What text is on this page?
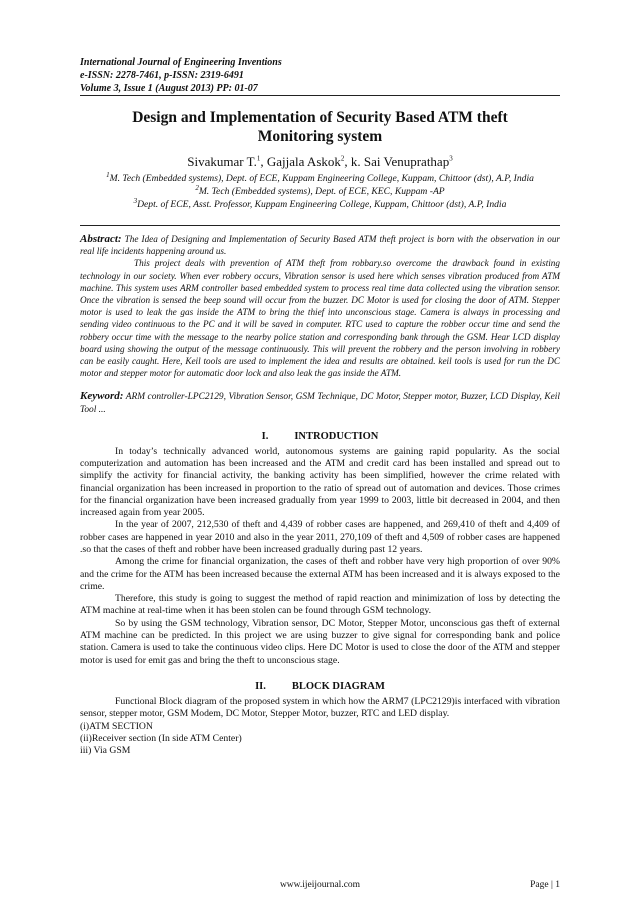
International Journal of Engineering Inventions
e-ISSN: 2278-7461, p-ISSN: 2319-6491
Volume 3, Issue 1 (August 2013) PP: 01-07
Design and Implementation of Security Based ATM theft
Monitoring system
Sivakumar T.$^1$, Gajjala Askok$^2$, k. Sai Venuprathap$^3$
$^1$M. Tech (Embedded systems), Dept. of ECE, Kuppam Engineering College, Kuppam, Chittoor (dst), A.P, India
$^2$M. Tech (Embedded systems), Dept. of ECE, KEC, Kuppam -AP
$^3$Dept. of ECE, Asst. Professor, Kuppam Engineering College, Kuppam, Chittoor (dst), A.P, India

Abstract: The Idea of Designing and Implementation of Security Based ATM theft project is born with the observation in our real life incidents happening around us.

This project deals with prevention of ATM theft from robbary.so overcome the drawback found in existing technology in our society. When ever robbery occurs, Vibration sensor is used here which senses vibration produced from ATM machine. This system uses ARM controller based embedded system to process real time data collected using the vibration sensor. Once the vibration is sensed the beep sound will occur from the buzzer. DC Motor is used for closing the door of ATM. Stepper motor is used to leak the gas inside the ATM to bring the thief into unconscious stage. Camera is always in processing and sending video continuous to the PC and it will be saved in computer. RTC used to capture the robber occur time and send the robbery occur time with the message to the nearby police station and corresponding bank through the GSM. Hear LCD display board using showing the output of the message continuously. This will prevent the robbery and the person involving in robbery can be easily caught. Here, Keil tools are used to implement the idea and results are obtained. keil tools is used for run the DC motor and stepper motor for automatic door lock and also leak the gas inside the ATM.

Keyword: ARM controller-LPC2129, Vibration Sensor, GSM Technique, DC Motor, Stepper motor, Buzzer, LCD Display, Keil Tool ...
I. INTRODUCTION

In today’s technically advanced world, autonomous systems are gaining rapid popularity. As the social computerization and automation has been increased and the ATM and credit card has been installed and spread out to simplify the activity for financial activity, the banking activity has been simplified, however the crime related with financial organization has been increased in proportion to the ratio of spread out of automation and devices. Those crimes for the financial organization have been increased gradually from year 1999 to 2003, little bit decreased in 2004, and then increased again from year 2005.

In the year of 2007, 212,530 of theft and 4,439 of robber cases are happened, and 269,410 of theft and 4,409 of robber cases are happened in year 2010 and also in the year 2011, 270,109 of theft and 4,509 of robber cases are happened .so that the cases of theft and robber have been increased gradually during past 12 years.

Among the crime for financial organization, the cases of theft and robber have very high proportion of over 90% and the crime for the ATM has been increased because the external ATM has been increased and it is always exposed to the crime.

Therefore, this study is going to suggest the method of rapid reaction and minimization of loss by detecting the ATM machine at real-time when it has been stolen can be found through GSM technology.

So by using the GSM technology, Vibration sensor, DC Motor, Stepper Motor, unconscious gas theft of external ATM machine can be predicted. In this project we are using buzzer to give signal for corresponding bank and police station. Camera is used to take the continuous video clips. Here DC Motor is used to close the door of the ATM and stepper motor is used for emit gas and bring the theft to unconscious stage.

II. BLOCK DIAGRAM

Functional Block diagram of the proposed system in which how the ARM7 (LPC2129)is interfaced with vibration sensor, stepper motor, GSM Modem, DC Motor, Stepper Motor, buzzer, RTC and LED display.

(i)ATM SECTION

(ii)Receiver section (In side ATM Center)

iii) Via GSM

www.ijeijournal.com	Page | 1
